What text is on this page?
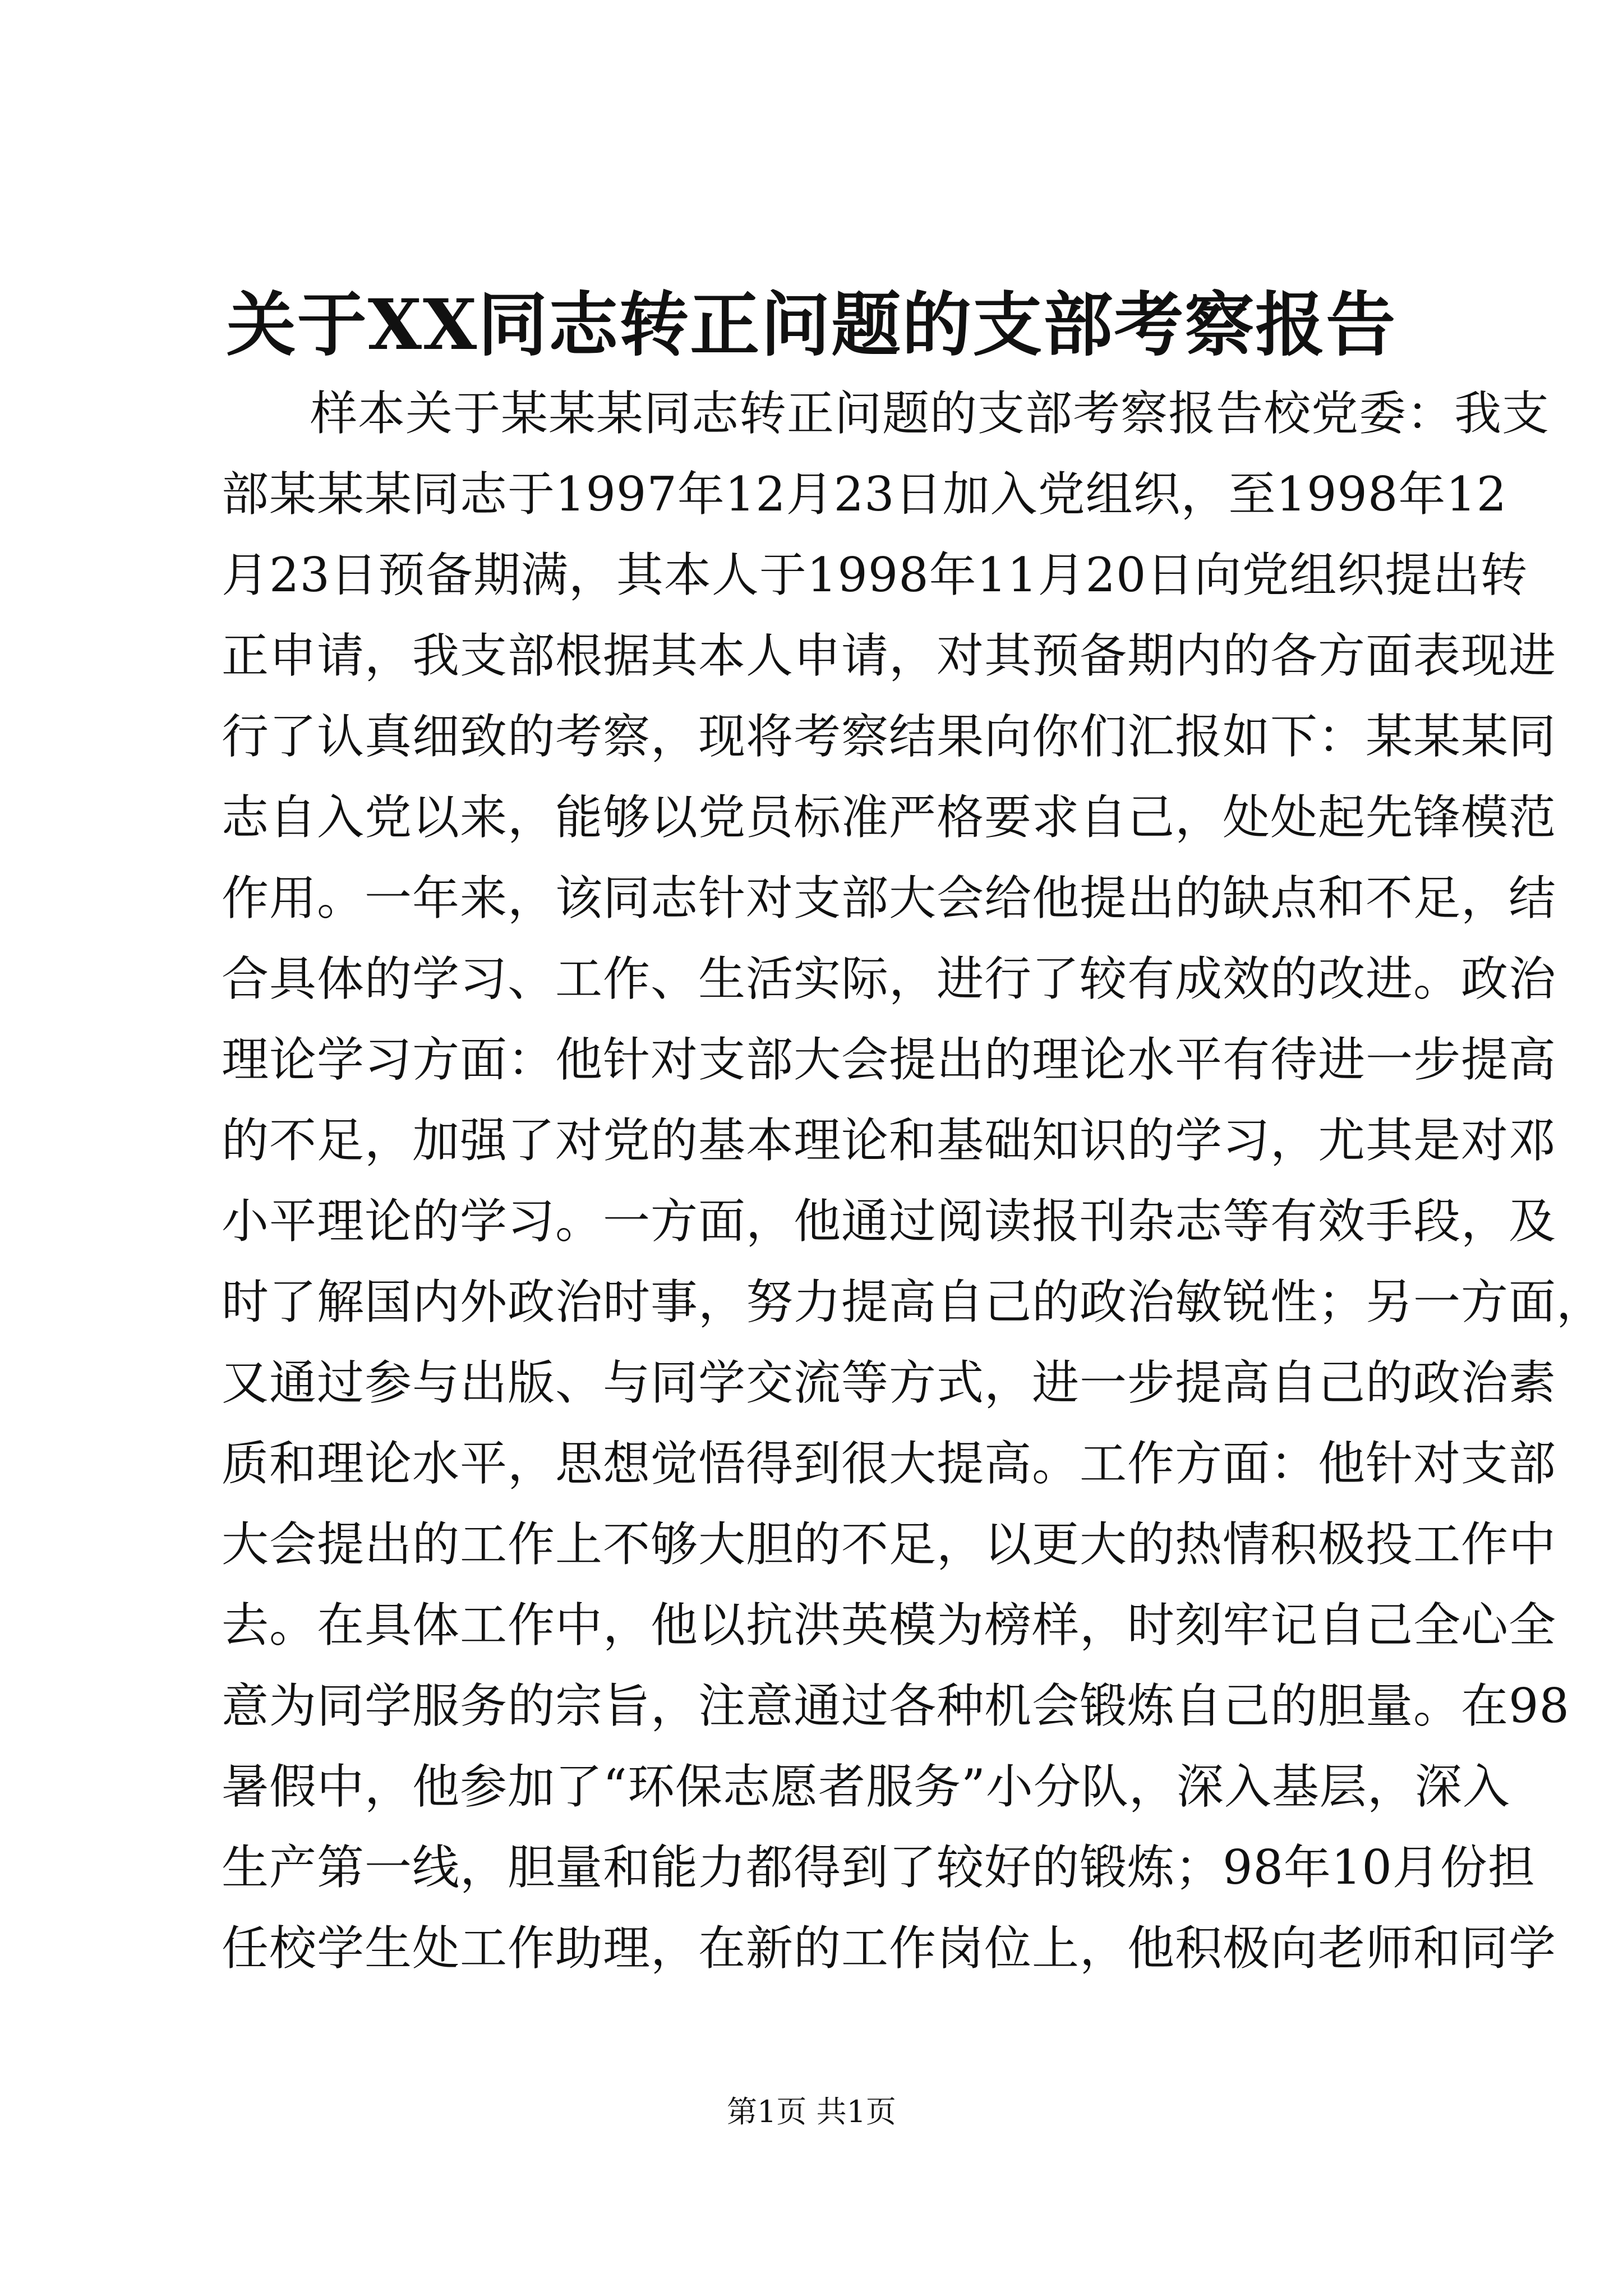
关于XX同志转正问题的支部考察报告
样本关于某某某同志转正问题的支部考察报告校党委：我支
部某某某同志于1997年12月23日加入党组织，至1998年12
月23日预备期满，其本人于1998年11月20日向党组织提出转
正申请，我支部根据其本人申请，对其预备期内的各方面表现进
行了认真细致的考察，现将考察结果向你们汇报如下：某某某同
志自入党以来，能够以党员标准严格要求自己，处处起先锋模范
作用。一年来，该同志针对支部大会给他提出的缺点和不足，结
合具体的学习、工作、生活实际，进行了较有成效的改进。政治
理论学习方面：他针对支部大会提出的理论水平有待进一步提高
的不足，加强了对党的基本理论和基础知识的学习，尤其是对邓
小平理论的学习。一方面，他通过阅读报刊杂志等有效手段，及
时了解国内外政治时事，努力提高自己的政治敏锐性；另一方面，
又通过参与出版、与同学交流等方式，进一步提高自己的政治素
质和理论水平，思想觉悟得到很大提高。工作方面：他针对支部
大会提出的工作上不够大胆的不足，以更大的热情积极投工作中
去。在具体工作中，他以抗洪英模为榜样，时刻牢记自己全心全
意为同学服务的宗旨，注意通过各种机会锻炼自己的胆量。在98
暑假中，他参加了“环保志愿者服务”小分队，深入基层，深入
生产第一线，胆量和能力都得到了较好的锻炼；98年10月份担
任校学生处工作助理，在新的工作岗位上，他积极向老师和同学
第1页 共1页
